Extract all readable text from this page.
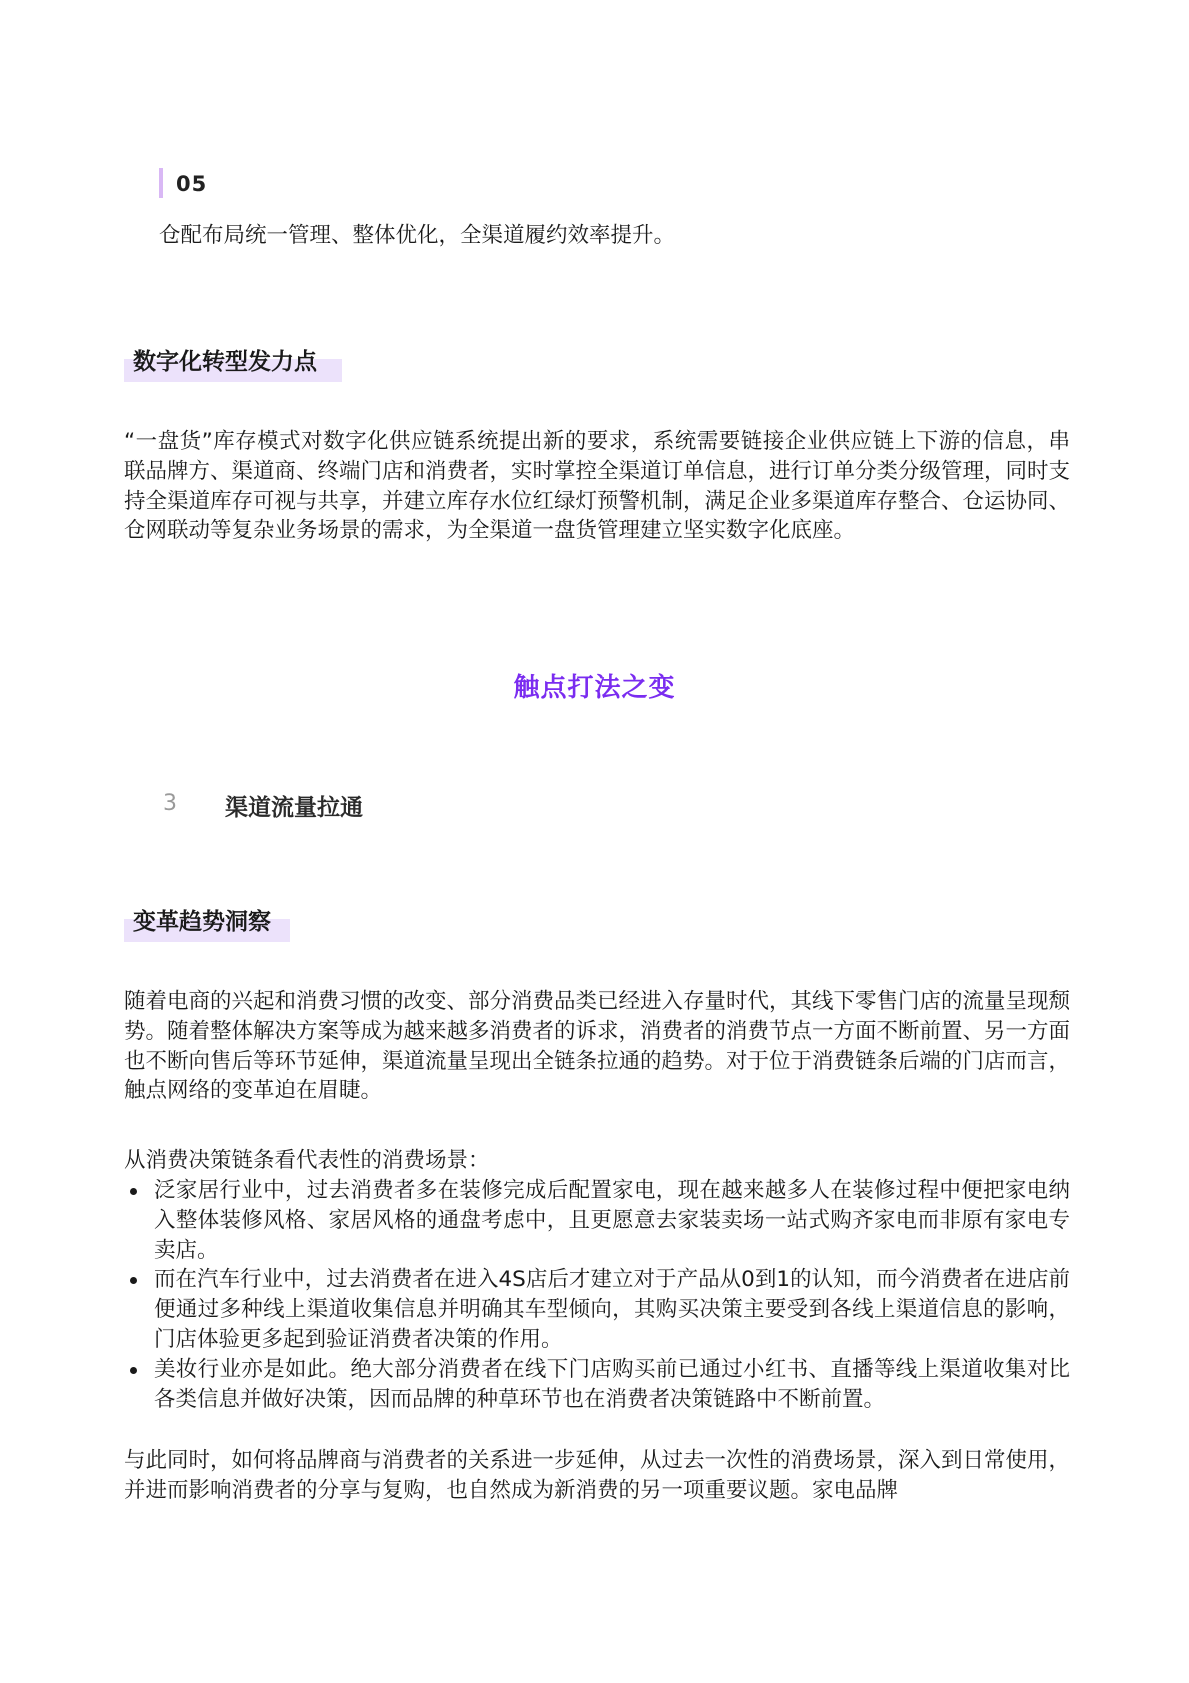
05
仓配布局统一管理、整体优化，全渠道履约效率提升。
数字化转型发力点
“一盘货”库存模式对数字化供应链系统提出新的要求，系统需要链接企业供应链上下游的信息，串联品牌方、渠道商、终端门店和消费者，实时掌控全渠道订单信息，进行订单分类分级管理，同时支持全渠道库存可视与共享，并建立库存水位红绿灯预警机制，满足企业多渠道库存整合、仓运协同、仓网联动等复杂业务场景的需求，为全渠道一盘货管理建立坚实数字化底座。
触点打法之变
3 渠道流量拉通
变革趋势洞察
随着电商的兴起和消费习惯的改变、部分消费品类已经进入存量时代，其线下零售门店的流量呈现颓势。随着整体解决方案等成为越来越多消费者的诉求，消费者的消费节点一方面不断前置、另一方面也不断向售后等环节延伸，渠道流量呈现出全链条拉通的趋势。对于位于消费链条后端的门店而言，触点网络的变革迫在眉睫。
从消费决策链条看代表性的消费场景：
泛家居行业中，过去消费者多在装修完成后配置家电，现在越来越多人在装修过程中便把家电纳入整体装修风格、家居风格的通盘考虑中，且更愿意去家装卖场一站式购齐家电而非原有家电专卖店。
而在汽车行业中，过去消费者在进入4S店后才建立对于产品从0到1的认知，而今消费者在进店前便通过多种线上渠道收集信息并明确其车型倾向，其购买决策主要受到各线上渠道信息的影响，门店体验更多起到验证消费者决策的作用。
美妆行业亦是如此。绝大部分消费者在线下门店购买前已通过小红书、直播等线上渠道收集对比各类信息并做好决策，因而品牌的种草环节也在消费者决策链路中不断前置。
与此同时，如何将品牌商与消费者的关系进一步延伸，从过去一次性的消费场景，深入到日常使用，并进而影响消费者的分享与复购，也自然成为新消费的另一项重要议题。家电品牌
